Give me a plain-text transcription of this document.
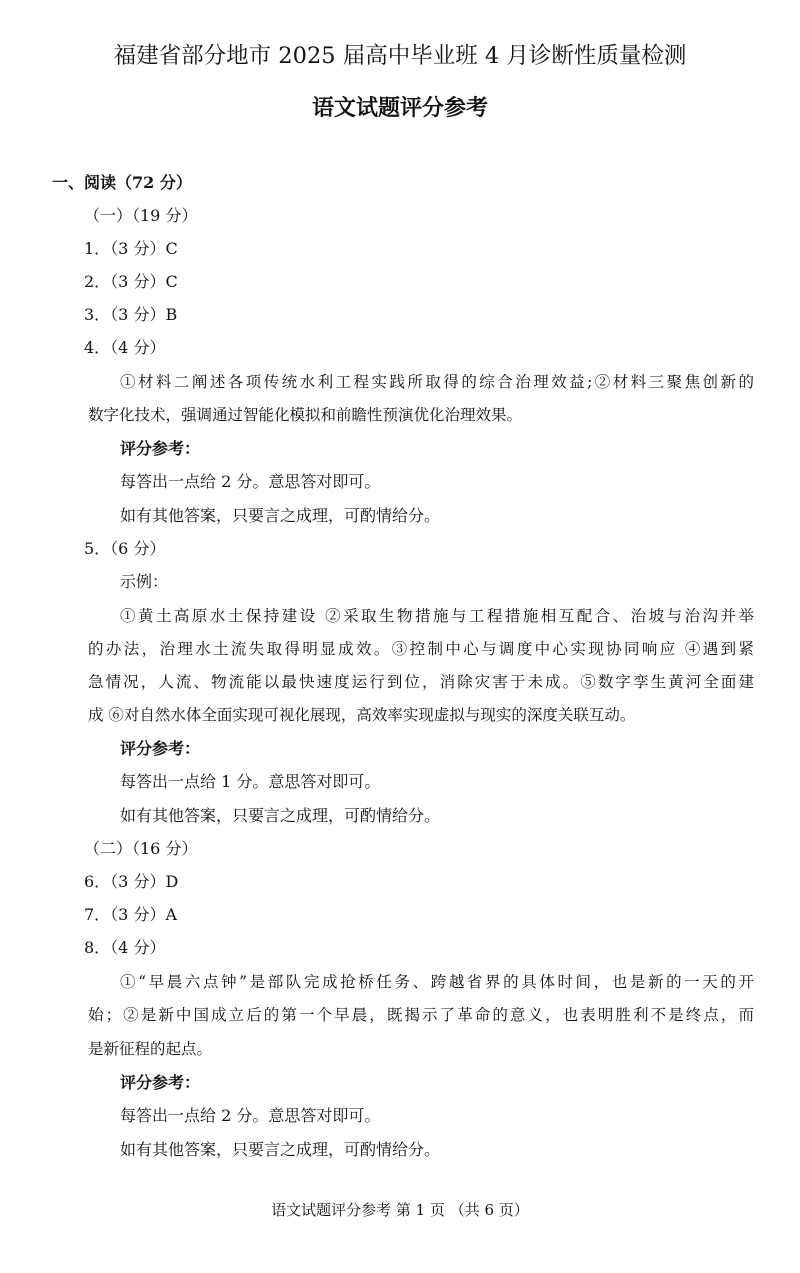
福建省部分地市 2025 届高中毕业班 4 月诊断性质量检测
语文试题评分参考
一、阅读（72 分）
（一）（19 分）
1．（3 分）C
2．（3 分）C
3．（3 分）B
4．（4 分）
①材料二阐述各项传统水利工程实践所取得的综合治理效益;②材料三聚焦创新的
数字化技术，强调通过智能化模拟和前瞻性预演优化治理效果。
评分参考：
每答出一点给 2 分。意思答对即可。
如有其他答案，只要言之成理，可酌情给分。
5．（6 分）
示例：
①黄土高原水土保持建设 ②采取生物措施与工程措施相互配合、治坡与治沟并举
的办法，治理水土流失取得明显成效。③控制中心与调度中心实现协同响应 ④遇到紧
急情况，人流、物流能以最快速度运行到位，消除灾害于未成。⑤数字孪生黄河全面建
成 ⑥对自然水体全面实现可视化展现，高效率实现虚拟与现实的深度关联互动。
评分参考：
每答出一点给 1 分。意思答对即可。
如有其他答案，只要言之成理，可酌情给分。
（二）（16 分）
6．（3 分）D
7．（3 分）A
8．（4 分）
①“早晨六点钟”是部队完成抢桥任务、跨越省界的具体时间，也是新的一天的开
始；②是新中国成立后的第一个早晨，既揭示了革命的意义，也表明胜利不是终点，而
是新征程的起点。
评分参考：
每答出一点给 2 分。意思答对即可。
如有其他答案，只要言之成理，可酌情给分。
语文试题评分参考 第 1 页 （共 6 页）
